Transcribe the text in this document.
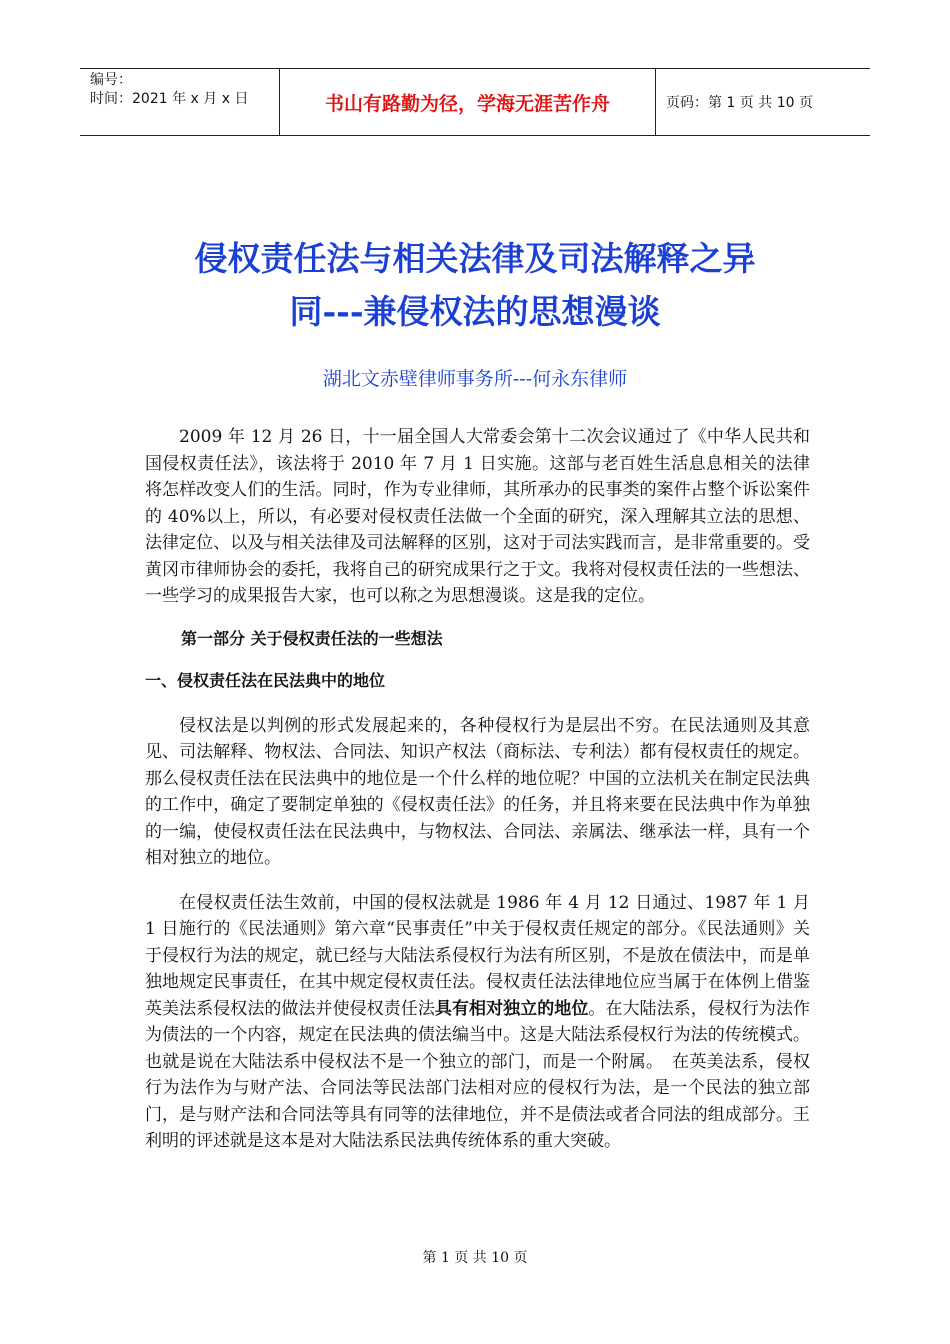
编号：
时间：2021 年 x 月 x 日	书山有路勤为径，学海无涯苦作舟	页码：第 1 页 共 10 页
侵权责任法与相关法律及司法解释之异
同---兼侵权法的思想漫谈
湖北文赤壁律师事务所---何永东律师

2009 年 12 月 26 日，十一届全国人大常委会第十二次会议通过了《中华人民共和国侵权责任法》，该法将于 2010 年 7 月 1 日实施。这部与老百姓生活息息相关的法律将怎样改变人们的生活。同时，作为专业律师，其所承办的民事类的案件占整个诉讼案件的 40%以上，所以，有必要对侵权责任法做一个全面的研究，深入理解其立法的思想、法律定位、以及与相关法律及司法解释的区别，这对于司法实践而言，是非常重要的。受黄冈市律师协会的委托，我将自己的研究成果行之于文。我将对侵权责任法的一些想法、一些学习的成果报告大家，也可以称之为思想漫谈。这是我的定位。

第一部分 关于侵权责任法的一些想法
一、侵权责任法在民法典中的地位

侵权法是以判例的形式发展起来的，各种侵权行为是层出不穷。在民法通则及其意见、司法解释、物权法、合同法、知识产权法（商标法、专利法）都有侵权责任的规定。那么侵权责任法在民法典中的地位是一个什么样的地位呢？中国的立法机关在制定民法典的工作中，确定了要制定单独的《侵权责任法》的任务，并且将来要在民法典中作为单独的一编，使侵权责任法在民法典中，与物权法、合同法、亲属法、继承法一样，具有一个相对独立的地位。

在侵权责任法生效前，中国的侵权法就是 1986 年 4 月 12 日通过、1987 年 1 月 1 日施行的《民法通则》第六章“民事责任”中关于侵权责任规定的部分。《民法通则》关于侵权行为法的规定，就已经与大陆法系侵权行为法有所区别，不是放在债法中，而是单独地规定民事责任，在其中规定侵权责任法。侵权责任法法律地位应当属于在体例上借鉴英美法系侵权法的做法并使侵权责任法具有相对独立的地位。在大陆法系，侵权行为法作为债法的一个内容，规定在民法典的债法编当中。这是大陆法系侵权行为法的传统模式。也就是说在大陆法系中侵权法不是一个独立的部门，而是一个附属。　在英美法系，侵权行为法作为与财产法、合同法等民法部门法相对应的侵权行为法，是一个民法的独立部门，是与财产法和合同法等具有同等的法律地位，并不是债法或者合同法的组成部分。王利明的评述就是这本是对大陆法系民法典传统体系的重大突破。

第 1 页 共 10 页
